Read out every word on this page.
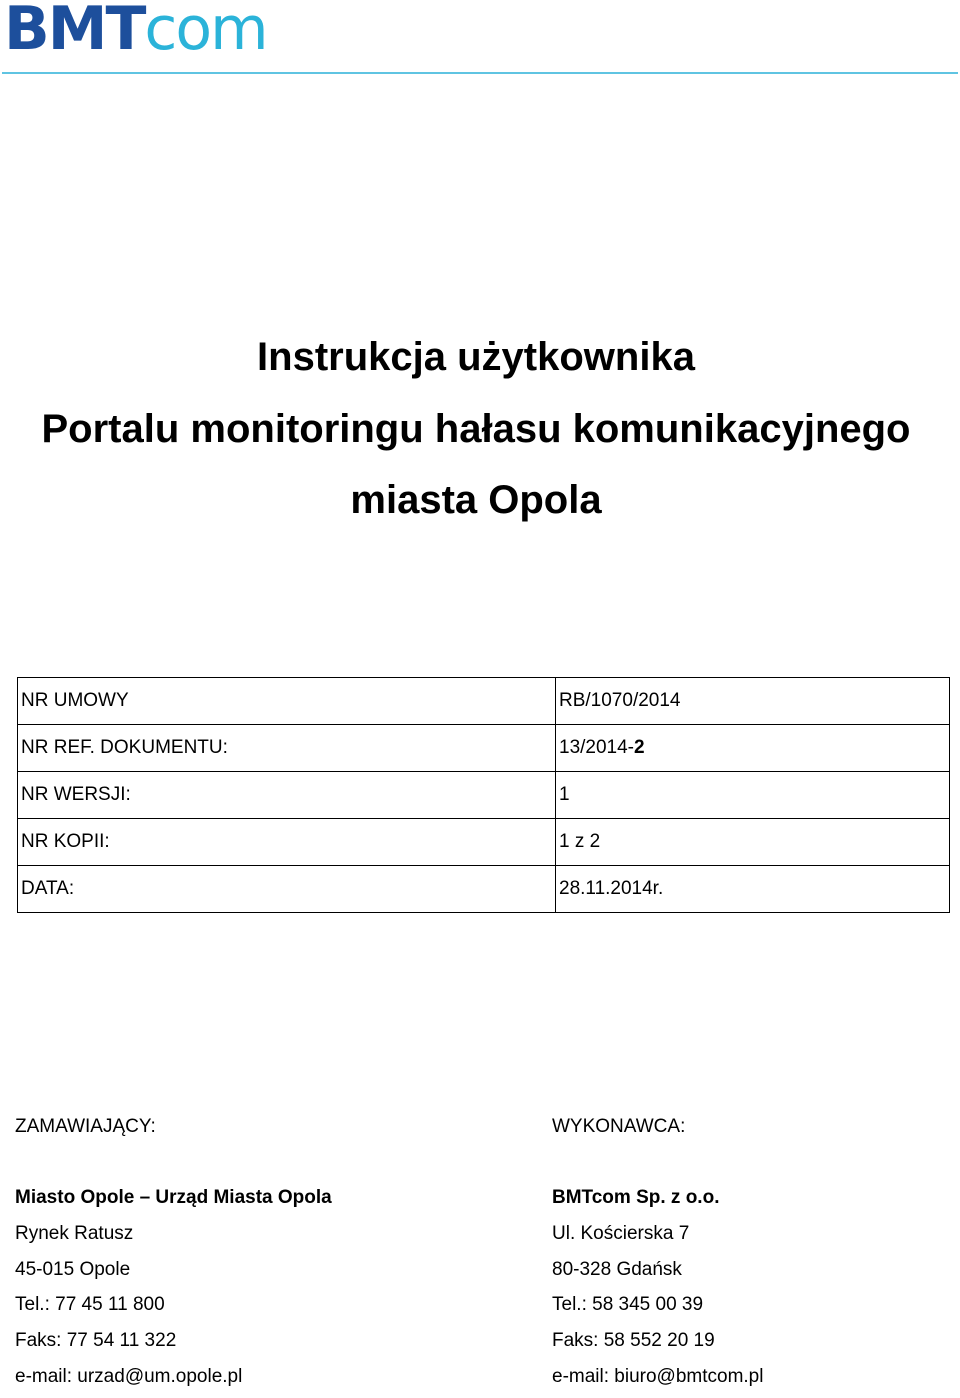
BMTcom
Instrukcja użytkownika
Portalu monitoringu hałasu komunikacyjnego
miasta Opola
NR UMOWY	RB/1070/2014
NR REF. DOKUMENTU:	13/2014-2
NR WERSJI:	1
NR KOPII:	1 z 2
DATA:	28.11.2014r.
ZAMAWIAJĄCY:
Miasto Opole – Urząd Miasta Opola
Rynek Ratusz
45-015 Opole
Tel.: 77 45 11 800
Faks: 77 54 11 322
e-mail: urzad@um.opole.pl
WYKONAWCA:
BMTcom Sp. z o.o.
Ul. Kościerska 7
80-328 Gdańsk
Tel.: 58 345 00 39
Faks: 58 552 20 19
e-mail: biuro@bmtcom.pl
